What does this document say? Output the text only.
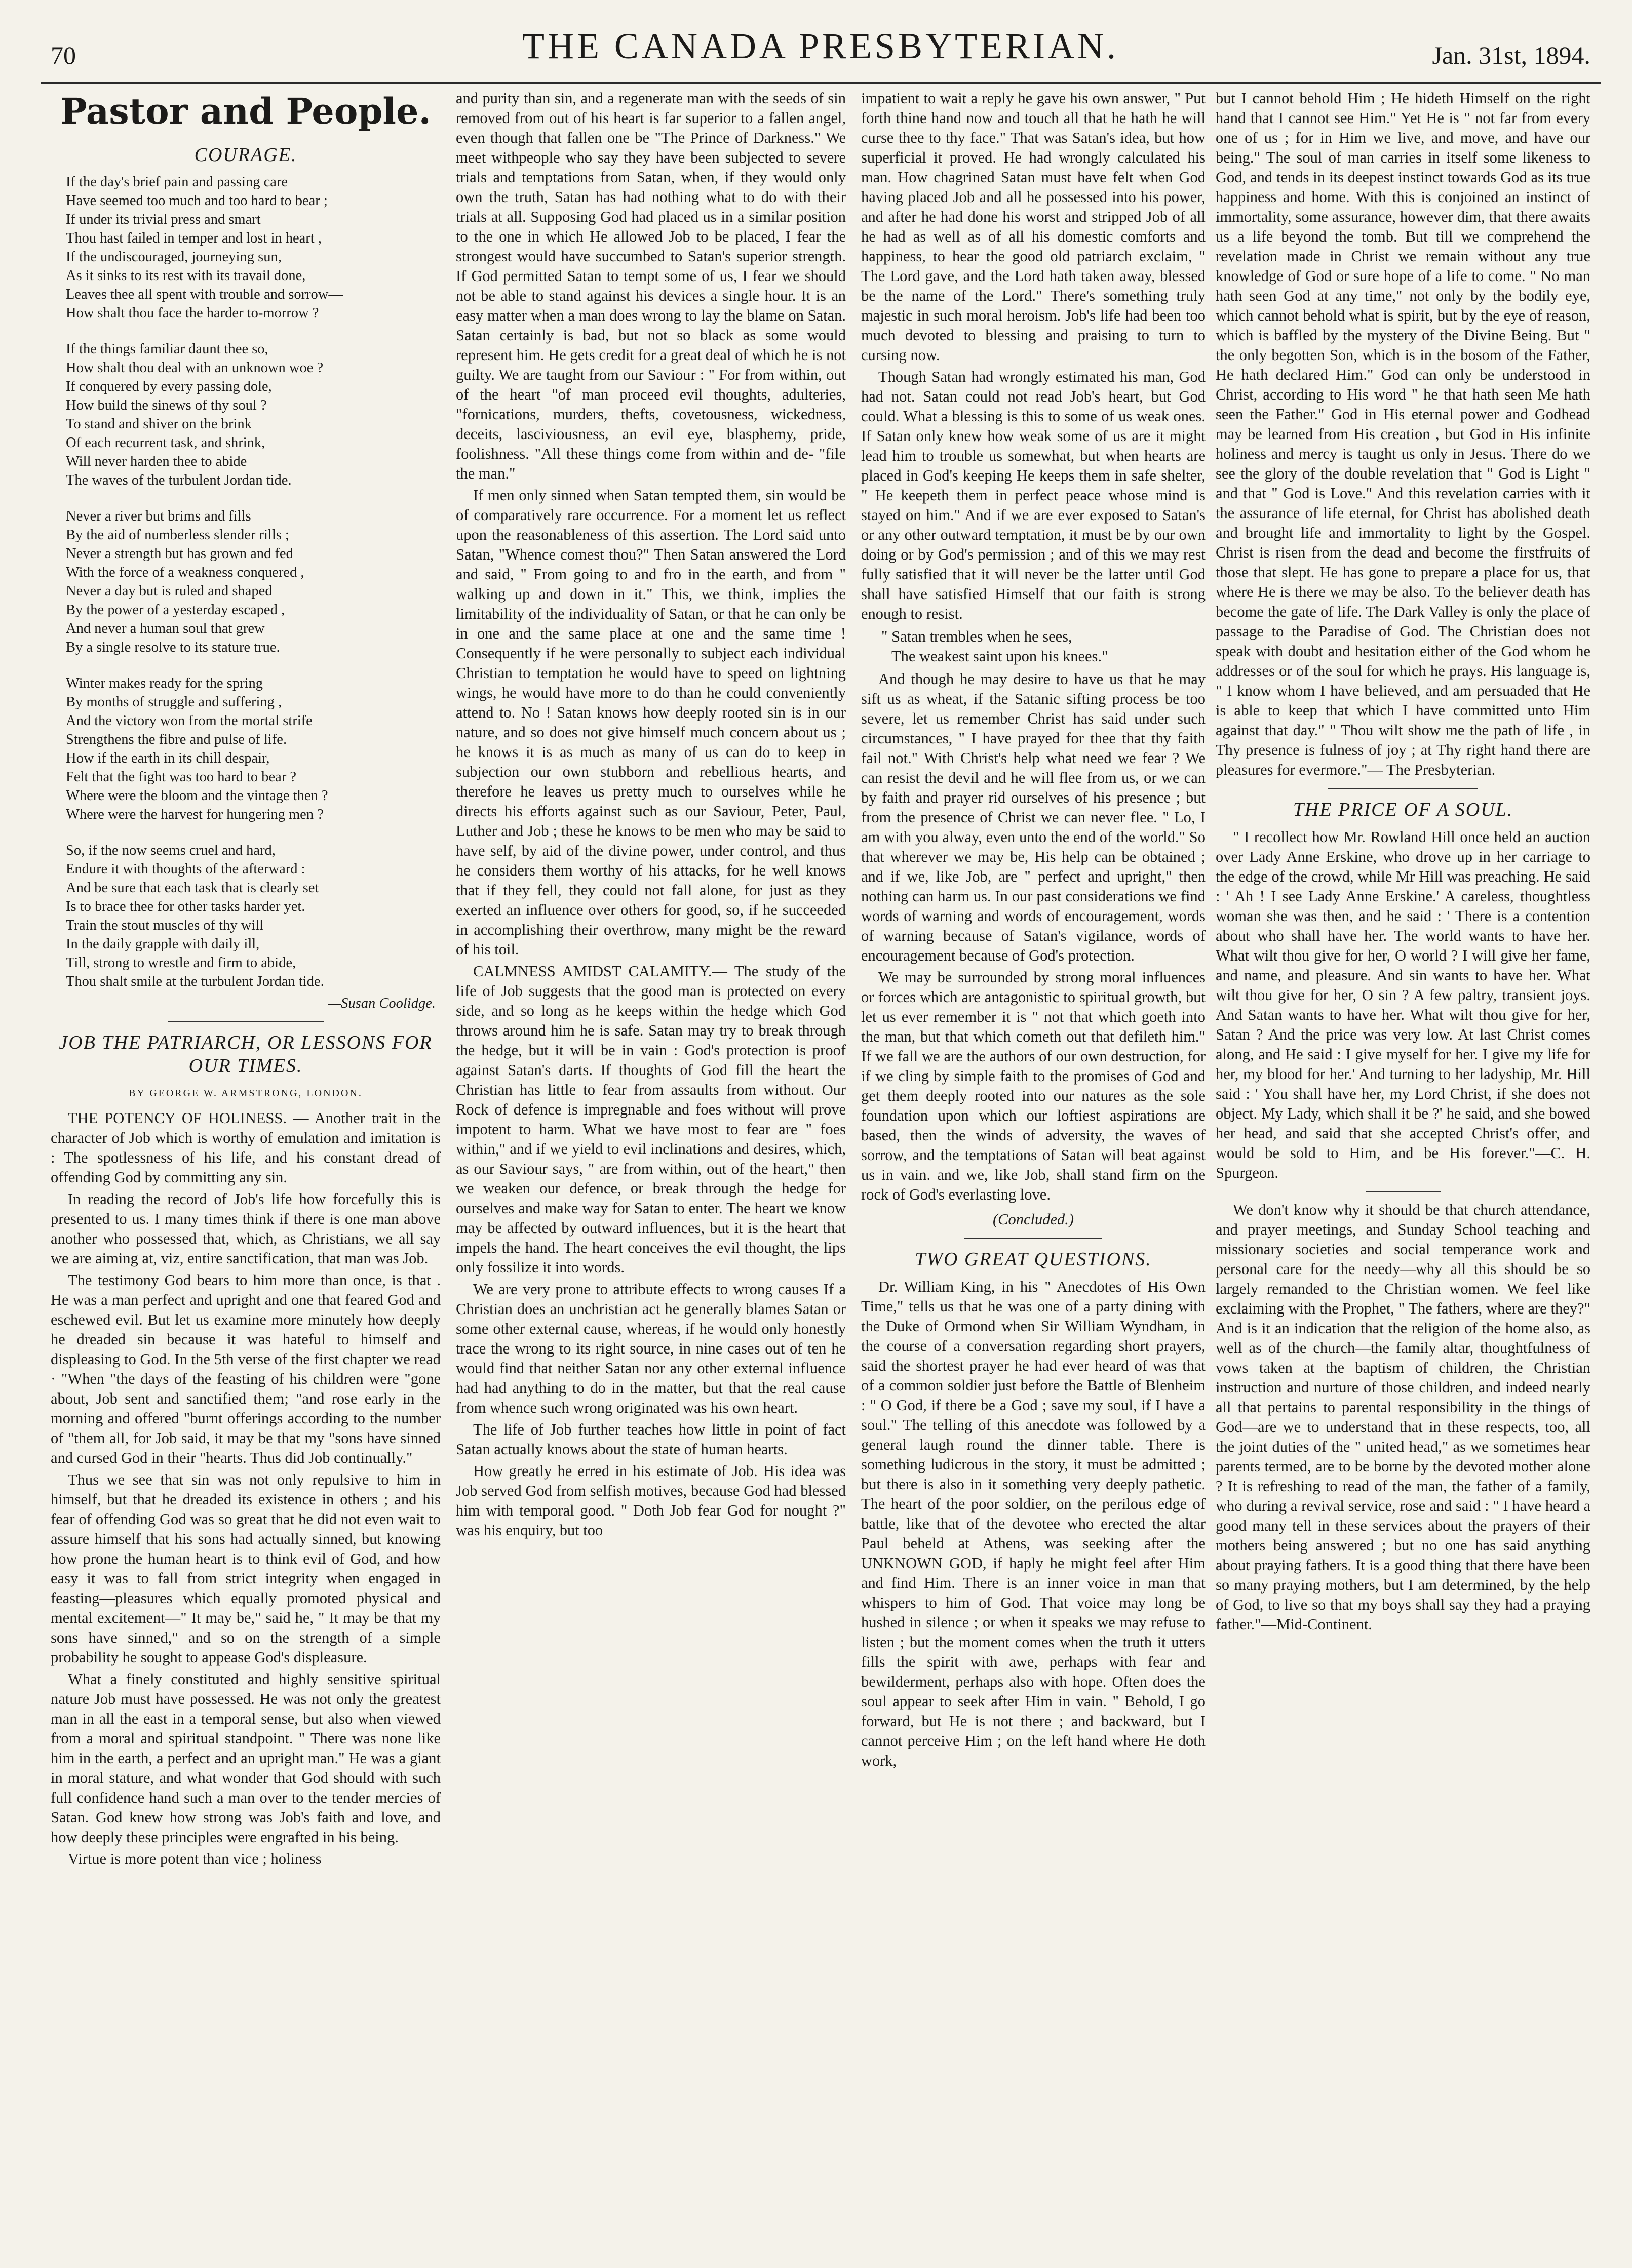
70	THE CANADA PRESBYTERIAN.	Jan. 31st, 1894.
Pastor and People.
COURAGE.
If the day's brief pain and passing care
Have seemed too much and too hard to bear ;
If under its trivial press and smart
Thou hast failed in temper and lost in heart ,
If the undiscouraged, journeying sun,
As it sinks to its rest with its travail done,
Leaves thee all spent with trouble and sorrow—
How shalt thou face the harder to-morrow ?
If the things familiar daunt thee so,
How shalt thou deal with an unknown woe ?
If conquered by every passing dole,
How build the sinews of thy soul ?
To stand and shiver on the brink
Of each recurrent task, and shrink,
Will never harden thee to abide
The waves of the turbulent Jordan tide.
Never a river but brims and fills
By the aid of numberless slender rills ;
Never a strength but has grown and fed
With the force of a weakness conquered ,
Never a day but is ruled and shaped
By the power of a yesterday escaped ,
And never a human soul that grew
By a single resolve to its stature true.
Winter makes ready for the spring
By months of struggle and suffering ,
And the victory won from the mortal strife
Strengthens the fibre and pulse of life.
How if the earth in its chill despair,
Felt that the fight was too hard to bear ?
Where were the bloom and the vintage then ?
Where were the harvest for hungering men ?
So, if the now seems cruel and hard,
Endure it with thoughts of the afterward :
And be sure that each task that is clearly set
Is to brace thee for other tasks harder yet.
Train the stout muscles of thy will
In the daily grapple with daily ill,
Till, strong to wrestle and firm to abide,
Thou shalt smile at the turbulent Jordan tide.
—Susan Coolidge.
JOB THE PATRIARCH, OR LESSONS FOR OUR TIMES.
BY GEORGE W. ARMSTRONG, LONDON.

THE POTENCY OF HOLINESS. — Another trait in the character of Job which is worthy of emulation and imitation is : The spotlessness of his life, and his constant dread of offending God by committing any sin.

In reading the record of Job's life how forcefully this is presented to us. I many times think if there is one man above another who possessed that, which, as Christians, we all say we are aiming at, viz, entire sanctification, that man was Job.

The testimony God bears to him more than once, is that . He was a man perfect and upright and one that feared God and eschewed evil. But let us examine more minutely how deeply he dreaded sin because it was hateful to himself and displeasing to God. In the 5th verse of the first chapter we read · "When "the days of the feasting of his children were "gone about, Job sent and sanctified them; "and rose early in the morning and offered "burnt offerings according to the number of "them all, for Job said, it may be that my "sons have sinned and cursed God in their "hearts. Thus did Job continually."

Thus we see that sin was not only repulsive to him in himself, but that he dreaded its existence in others ; and his fear of offending God was so great that he did not even wait to assure himself that his sons had actually sinned, but knowing how prone the human heart is to think evil of God, and how easy it was to fall from strict integrity when engaged in feasting—pleasures which equally promoted physical and mental excitement—" It may be," said he, " It may be that my sons have sinned," and so on the strength of a simple probability he sought to appease God's displeasure.

What a finely constituted and highly sensitive spiritual nature Job must have possessed. He was not only the greatest man in all the east in a temporal sense, but also when viewed from a moral and spiritual standpoint. " There was none like him in the earth, a perfect and an upright man." He was a giant in moral stature, and what wonder that God should with such full confidence hand such a man over to the tender mercies of Satan. God knew how strong was Job's faith and love, and how deeply these principles were engrafted in his being.

Virtue is more potent than vice ; holiness

and purity than sin, and a regenerate man with the seeds of sin removed from out of his heart is far superior to a fallen angel, even though that fallen one be "The Prince of Darkness." We meet withpeople who say they have been subjected to severe trials and temptations from Satan, when, if they would only own the truth, Satan has had nothing what to do with their trials at all. Supposing God had placed us in a similar position to the one in which He allowed Job to be placed, I fear the strongest would have succumbed to Satan's superior strength. If God permitted Satan to tempt some of us, I fear we should not be able to stand against his devices a single hour. It is an easy matter when a man does wrong to lay the blame on Satan. Satan certainly is bad, but not so black as some would represent him. He gets credit for a great deal of which he is not guilty. We are taught from our Saviour : " For from within, out of the heart "of man proceed evil thoughts, adulteries, "fornications, murders, thefts, covetousness, wickedness, deceits, lasciviousness, an evil eye, blasphemy, pride, foolishness. "All these things come from within and de- "file the man."

If men only sinned when Satan tempted them, sin would be of comparatively rare occurrence. For a moment let us reflect upon the reasonableness of this assertion. The Lord said unto Satan, "Whence comest thou?" Then Satan answered the Lord and said, " From going to and fro in the earth, and from " walking up and down in it." This, we think, implies the limitability of the individuality of Satan, or that he can only be in one and the same place at one and the same time ! Consequently if he were personally to subject each individual Christian to temptation he would have to speed on lightning wings, he would have more to do than he could conveniently attend to. No ! Satan knows how deeply rooted sin is in our nature, and so does not give himself much concern about us ; he knows it is as much as many of us can do to keep in subjection our own stubborn and rebellious hearts, and therefore he leaves us pretty much to ourselves while he directs his efforts against such as our Saviour, Peter, Paul, Luther and Job ; these he knows to be men who may be said to have self, by aid of the divine power, under control, and thus he considers them worthy of his attacks, for he well knows that if they fell, they could not fall alone, for just as they exerted an influence over others for good, so, if he succeeded in accomplishing their overthrow, many might be the reward of his toil.

CALMNESS AMIDST CALAMITY.— The study of the life of Job suggests that the good man is protected on every side, and so long as he keeps within the hedge which God throws around him he is safe. Satan may try to break through the hedge, but it will be in vain : God's protection is proof against Satan's darts. If thoughts of God fill the heart the Christian has little to fear from assaults from without. Our Rock of defence is impregnable and foes without will prove impotent to harm. What we have most to fear are " foes within," and if we yield to evil inclinations and desires, which, as our Saviour says, " are from within, out of the heart," then we weaken our defence, or break through the hedge for ourselves and make way for Satan to enter. The heart we know may be affected by outward influences, but it is the heart that impels the hand. The heart conceives the evil thought, the lips only fossilize it into words.

We are very prone to attribute effects to wrong causes If a Christian does an unchristian act he generally blames Satan or some other external cause, whereas, if he would only honestly trace the wrong to its right source, in nine cases out of ten he would find that neither Satan nor any other external influence had had anything to do in the matter, but that the real cause from whence such wrong originated was his own heart.

The life of Job further teaches how little in point of fact Satan actually knows about the state of human hearts.

How greatly he erred in his estimate of Job. His idea was Job served God from selfish motives, because God had blessed him with temporal good. " Doth Job fear God for nought ?" was his enquiry, but too

impatient to wait a reply he gave his own answer, " Put forth thine hand now and touch all that he hath he will curse thee to thy face." That was Satan's idea, but how superficial it proved. He had wrongly calculated his man. How chagrined Satan must have felt when God having placed Job and all he possessed into his power, and after he had done his worst and stripped Job of all he had as well as of all his domestic comforts and happiness, to hear the good old patriarch exclaim, " The Lord gave, and the Lord hath taken away, blessed be the name of the Lord." There's something truly majestic in such moral heroism. Job's life had been too much devoted to blessing and praising to turn to cursing now.

Though Satan had wrongly estimated his man, God had not. Satan could not read Job's heart, but God could. What a blessing is this to some of us weak ones. If Satan only knew how weak some of us are it might lead him to trouble us somewhat, but when hearts are placed in God's keeping He keeps them in safe shelter, " He keepeth them in perfect peace whose mind is stayed on him." And if we are ever exposed to Satan's or any other outward temptation, it must be by our own doing or by God's permission ; and of this we may rest fully satisfied that it will never be the latter until God shall have satisfied Himself that our faith is strong enough to resist.

" Satan trembles when he sees,
The weakest saint upon his knees."

And though he may desire to have us that he may sift us as wheat, if the Satanic sifting process be too severe, let us remember Christ has said under such circumstances, " I have prayed for thee that thy faith fail not." With Christ's help what need we fear ? We can resist the devil and he will flee from us, or we can by faith and prayer rid ourselves of his presence ; but from the presence of Christ we can never flee. " Lo, I am with you alway, even unto the end of the world." So that wherever we may be, His help can be obtained ; and if we, like Job, are " perfect and upright," then nothing can harm us. In our past considerations we find words of warning and words of encouragement, words of warning because of Satan's vigilance, words of encouragement because of God's protection.

We may be surrounded by strong moral influences or forces which are antagonistic to spiritual growth, but let us ever remember it is " not that which goeth into the man, but that which cometh out that defileth him." If we fall we are the authors of our own destruction, for if we cling by simple faith to the promises of God and get them deeply rooted into our natures as the sole foundation upon which our loftiest aspirations are based, then the winds of adversity, the waves of sorrow, and the temptations of Satan will beat against us in vain. and we, like Job, shall stand firm on the rock of God's everlasting love.

(Concluded.)
TWO GREAT QUESTIONS.

Dr. William King, in his " Anecdotes of His Own Time," tells us that he was one of a party dining with the Duke of Ormond when Sir William Wyndham, in the course of a conversation regarding short prayers, said the shortest prayer he had ever heard of was that of a common soldier just before the Battle of Blenheim : " O God, if there be a God ; save my soul, if I have a soul." The telling of this anecdote was followed by a general laugh round the dinner table. There is something ludicrous in the story, it must be admitted ; but there is also in it something very deeply pathetic. The heart of the poor soldier, on the perilous edge of battle, like that of the devotee who erected the altar Paul beheld at Athens, was seeking after the UNKNOWN GOD, if haply he might feel after Him and find Him. There is an inner voice in man that whispers to him of God. That voice may long be hushed in silence ; or when it speaks we may refuse to listen ; but the moment comes when the truth it utters fills the spirit with awe, perhaps with fear and bewilderment, perhaps also with hope. Often does the soul appear to seek after Him in vain. " Behold, I go forward, but He is not there ; and backward, but I cannot perceive Him ; on the left hand where He doth work,

but I cannot behold Him ; He hideth Himself on the right hand that I cannot see Him." Yet He is " not far from every one of us ; for in Him we live, and move, and have our being." The soul of man carries in itself some likeness to God, and tends in its deepest instinct towards God as its true happiness and home. With this is conjoined an instinct of immortality, some assurance, however dim, that there awaits us a life beyond the tomb. But till we comprehend the revelation made in Christ we remain without any true knowledge of God or sure hope of a life to come. " No man hath seen God at any time," not only by the bodily eye, which cannot behold what is spirit, but by the eye of reason, which is baffled by the mystery of the Divine Being. But " the only begotten Son, which is in the bosom of the Father, He hath declared Him." God can only be understood in Christ, according to His word " he that hath seen Me hath seen the Father." God in His eternal power and Godhead may be learned from His creation , but God in His infinite holiness and mercy is taught us only in Jesus. There do we see the glory of the double revelation that " God is Light " and that " God is Love." And this revelation carries with it the assurance of life eternal, for Christ has abolished death and brought life and immortality to light by the Gospel. Christ is risen from the dead and become the firstfruits of those that slept. He has gone to prepare a place for us, that where He is there we may be also. To the believer death has become the gate of life. The Dark Valley is only the place of passage to the Paradise of God. The Christian does not speak with doubt and hesitation either of the God whom he addresses or of the soul for which he prays. His language is, " I know whom I have believed, and am persuaded that He is able to keep that which I have committed unto Him against that day." " Thou wilt show me the path of life , in Thy presence is fulness of joy ; at Thy right hand there are pleasures for evermore."— The Presbyterian.

THE PRICE OF A SOUL.

" I recollect how Mr. Rowland Hill once held an auction over Lady Anne Erskine, who drove up in her carriage to the edge of the crowd, while Mr Hill was preaching. He said : ' Ah ! I see Lady Anne Erskine.' A careless, thoughtless woman she was then, and he said : ' There is a contention about who shall have her. The world wants to have her. What wilt thou give for her, O world ? I will give her fame, and name, and pleasure. And sin wants to have her. What wilt thou give for her, O sin ? A few paltry, transient joys. And Satan wants to have her. What wilt thou give for her, Satan ? And the price was very low. At last Christ comes along, and He said : I give myself for her. I give my life for her, my blood for her.' And turning to her ladyship, Mr. Hill said : ' You shall have her, my Lord Christ, if she does not object. My Lady, which shall it be ?' he said, and she bowed her head, and said that she accepted Christ's offer, and would be sold to Him, and be His forever."—C. H. Spurgeon.

We don't know why it should be that church attendance, and prayer meetings, and Sunday School teaching and missionary societies and social temperance work and personal care for the needy—why all this should be so largely remanded to the Christian women. We feel like exclaiming with the Prophet, " The fathers, where are they?" And is it an indication that the religion of the home also, as well as of the church—the family altar, thoughtfulness of vows taken at the baptism of children, the Christian instruction and nurture of those children, and indeed nearly all that pertains to parental responsibility in the things of God—are we to understand that in these respects, too, all the joint duties of the " united head," as we sometimes hear parents termed, are to be borne by the devoted mother alone ? It is refreshing to read of the man, the father of a family, who during a revival service, rose and said : " I have heard a good many tell in these services about the prayers of their mothers being answered ; but no one has said anything about praying fathers. It is a good thing that there have been so many praying mothers, but I am determined, by the help of God, to live so that my boys shall say they had a praying father."—Mid-Continent.
